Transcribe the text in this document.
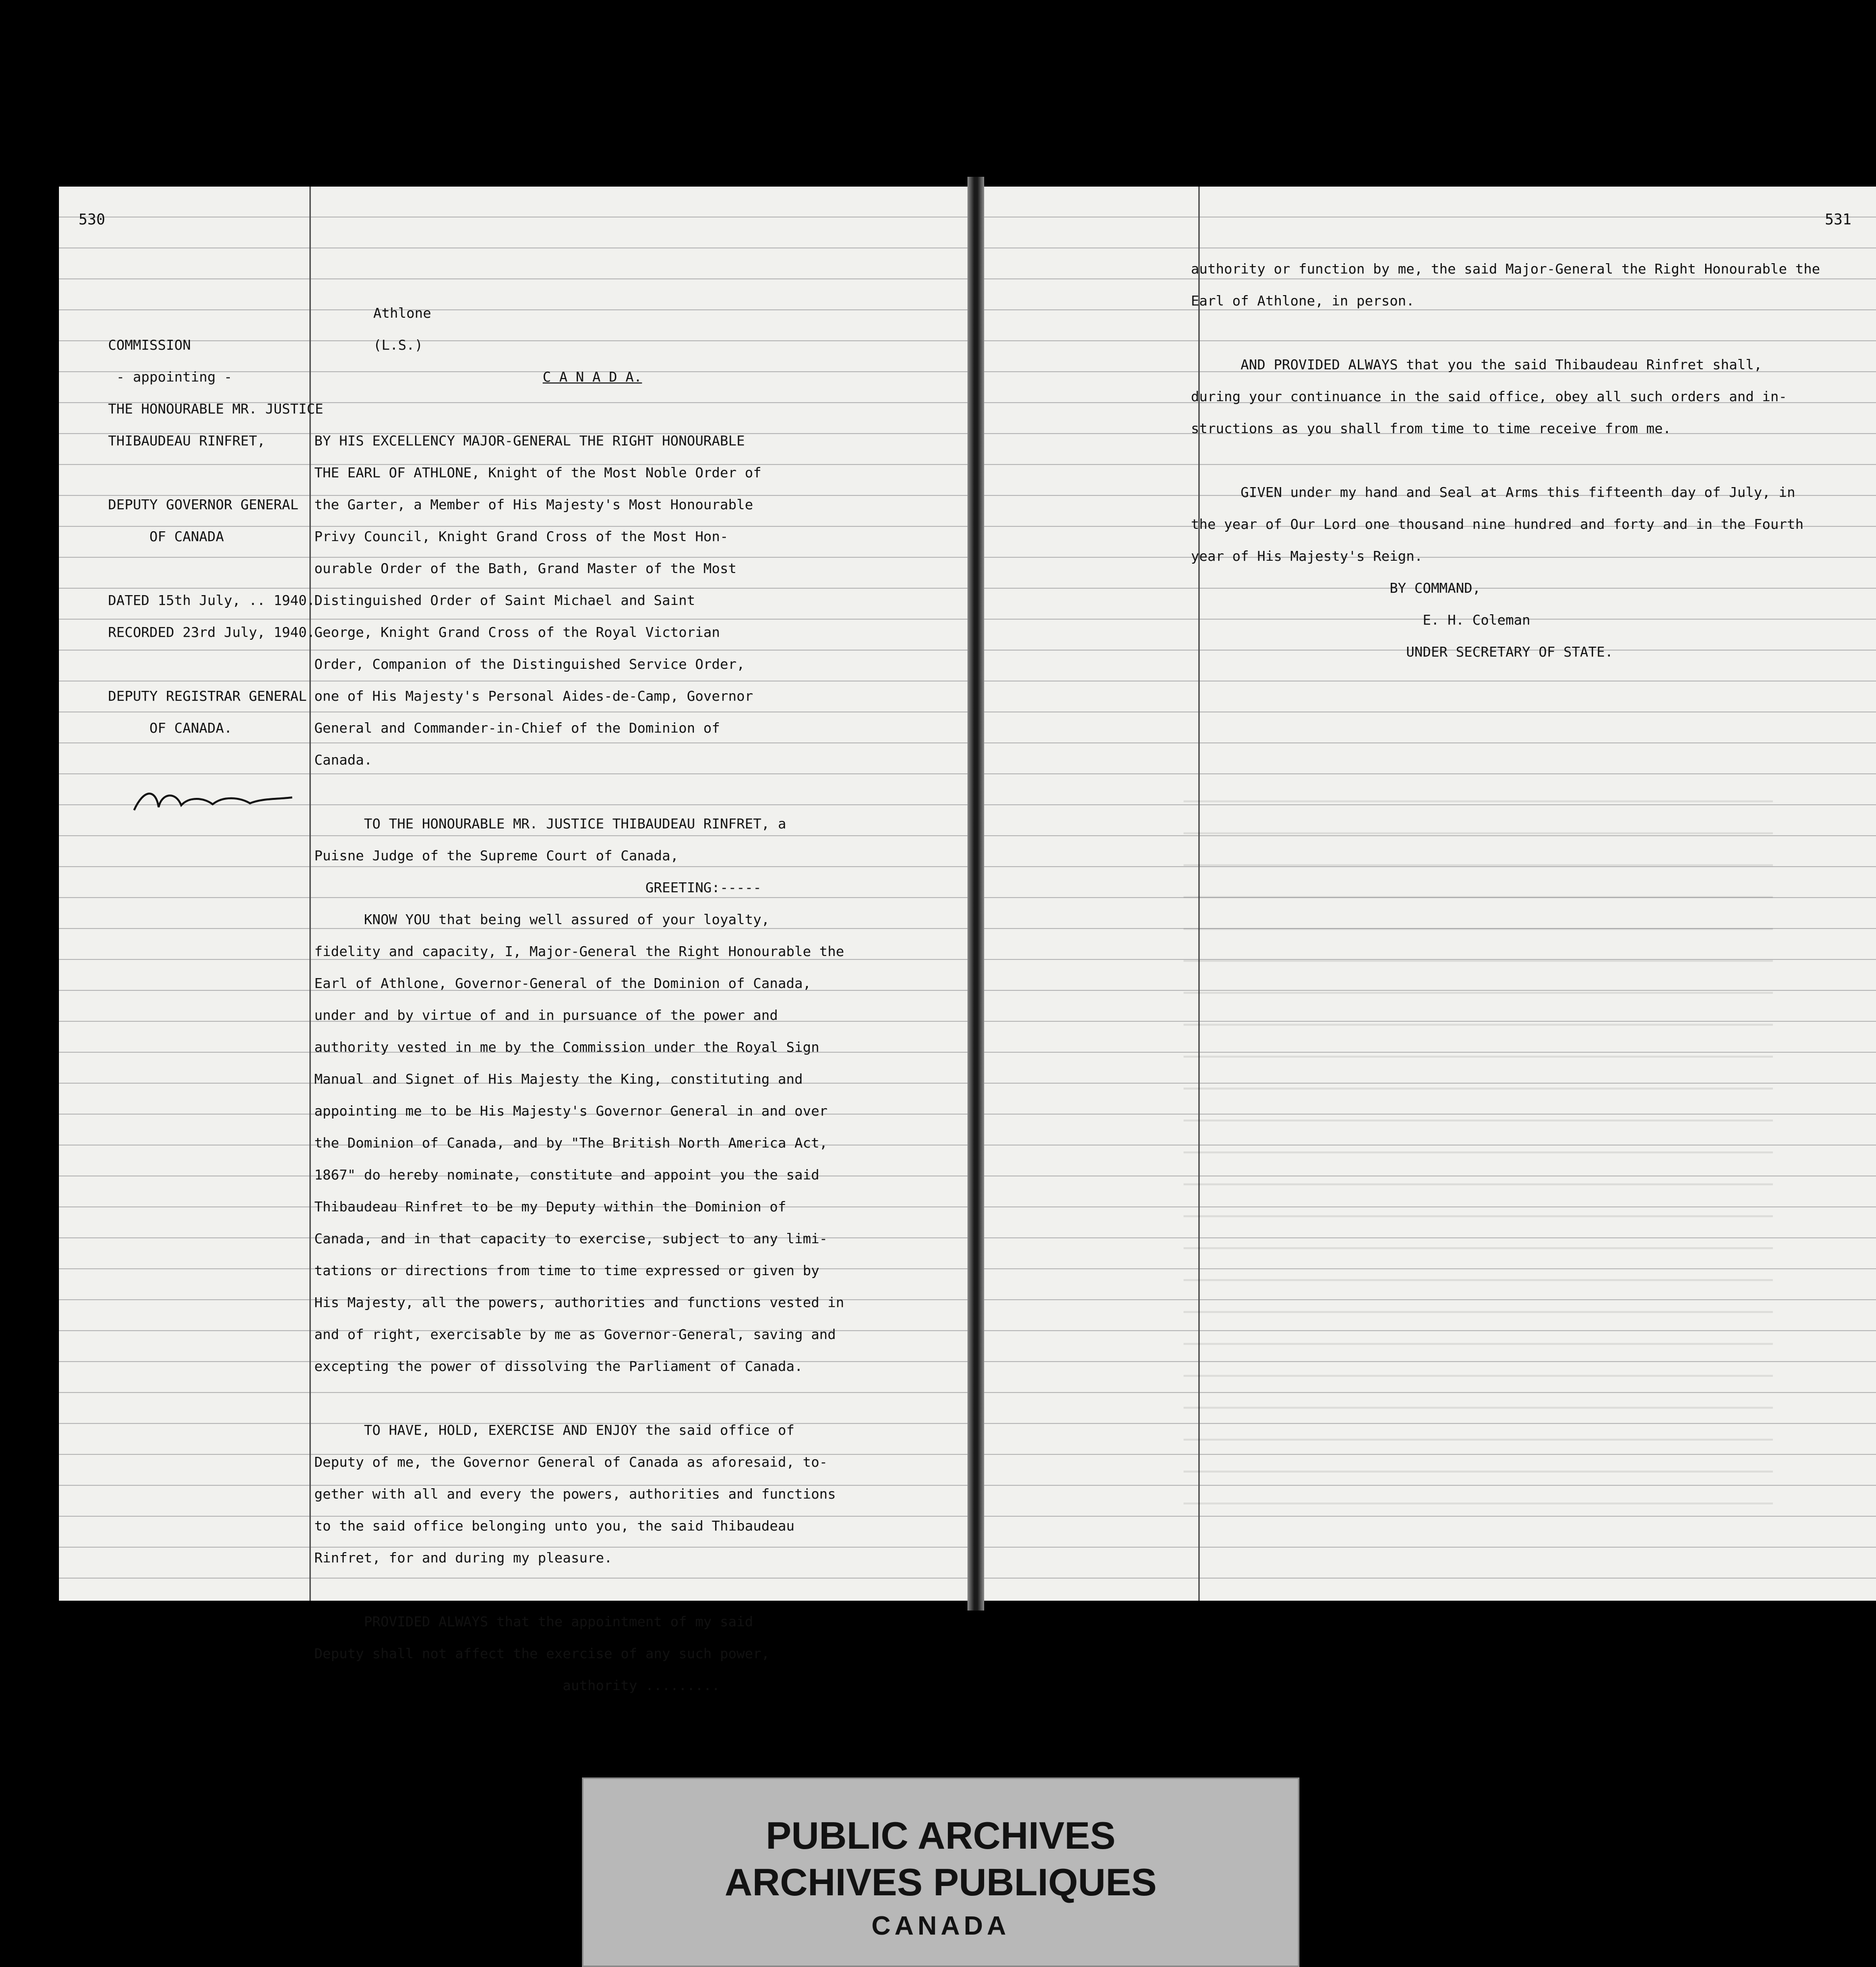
530
COMMISSION
- appointing -
THE HONOURABLE MR. JUSTICE
THIBAUDEAU RINFRET,

DEPUTY GOVERNOR GENERAL
OF CANADA

DATED 15th July, .. 1940.
RECORDED 23rd July, 1940.

DEPUTY REGISTRAR GENERAL
OF CANADA.
Athlone
(L.S.)
C A N A D A.
BY HIS EXCELLENCY MAJOR-GENERAL THE RIGHT HONOURABLE
THE EARL OF ATHLONE, Knight of the Most Noble Order of
the Garter, a Member of His Majesty's Most Honourable
Privy Council, Knight Grand Cross of the Most Hon-
ourable Order of the Bath, Grand Master of the Most
Distinguished Order of Saint Michael and Saint
George, Knight Grand Cross of the Royal Victorian
Order, Companion of the Distinguished Service Order,
one of His Majesty's Personal Aides-de-Camp, Governor
General and Commander-in-Chief of the Dominion of
Canada.

TO THE HONOURABLE MR. JUSTICE THIBAUDEAU RINFRET, a
Puisne Judge of the Supreme Court of Canada,
GREETING:-----
KNOW YOU that being well assured of your loyalty,
fidelity and capacity, I, Major-General the Right Honourable the
Earl of Athlone, Governor-General of the Dominion of Canada,
under and by virtue of and in pursuance of the power and
authority vested in me by the Commission under the Royal Sign
Manual and Signet of His Majesty the King, constituting and
appointing me to be His Majesty's Governor General in and over
the Dominion of Canada, and by "The British North America Act,
1867" do hereby nominate, constitute and appoint you the said
Thibaudeau Rinfret to be my Deputy within the Dominion of
Canada, and in that capacity to exercise, subject to any limi-
tations or directions from time to time expressed or given by
His Majesty, all the powers, authorities and functions vested in
and of right, exercisable by me as Governor-General, saving and
excepting the power of dissolving the Parliament of Canada.

TO HAVE, HOLD, EXERCISE AND ENJOY the said office of
Deputy of me, the Governor General of Canada as aforesaid, to-
gether with all and every the powers, authorities and functions
to the said office belonging unto you, the said Thibaudeau
Rinfret, for and during my pleasure.

PROVIDED ALWAYS that the appointment of my said
Deputy shall not affect the exercise of any such power,
authority .........
531
authority or function by me, the said Major-General the Right Honourable the
Earl of Athlone, in person.

AND PROVIDED ALWAYS that you the said Thibaudeau Rinfret shall,
during your continuance in the said office, obey all such orders and in-
structions as you shall from time to time receive from me.

GIVEN under my hand and Seal at Arms this fifteenth day of July, in
the year of Our Lord one thousand nine hundred and forty and in the Fourth
year of His Majesty's Reign.
BY COMMAND,
E. H. Coleman
UNDER SECRETARY OF STATE.
PUBLIC ARCHIVES
ARCHIVES PUBLIQUES
CANADA
